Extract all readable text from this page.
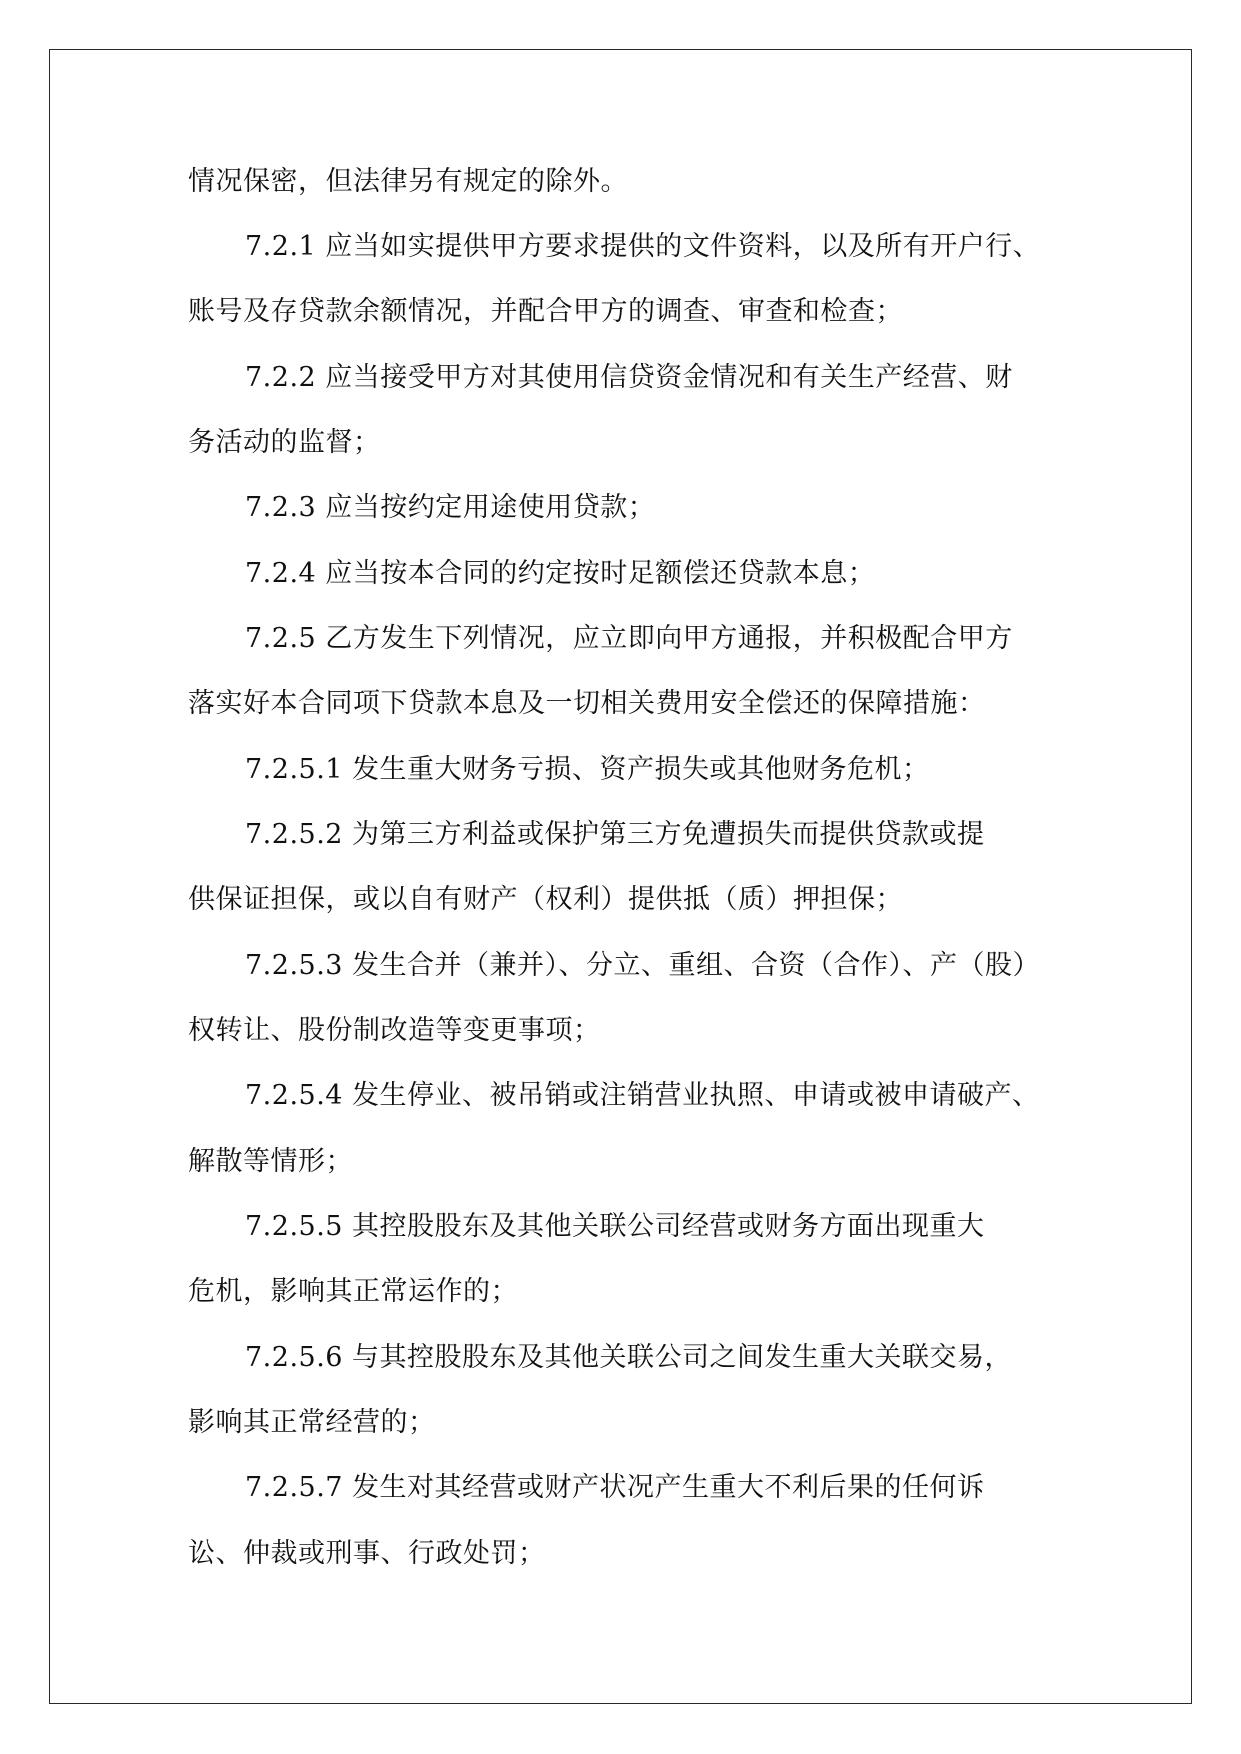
情况保密，但法律另有规定的除外。
7.2.1 应当如实提供甲方要求提供的文件资料，以及所有开户行、
账号及存贷款余额情况，并配合甲方的调查、审查和检查；
7.2.2 应当接受甲方对其使用信贷资金情况和有关生产经营、财
务活动的监督；
7.2.3 应当按约定用途使用贷款；
7.2.4 应当按本合同的约定按时足额偿还贷款本息；
7.2.5 乙方发生下列情况，应立即向甲方通报，并积极配合甲方
落实好本合同项下贷款本息及一切相关费用安全偿还的保障措施：
7.2.5.1 发生重大财务亏损、资产损失或其他财务危机；
7.2.5.2 为第三方利益或保护第三方免遭损失而提供贷款或提
供保证担保，或以自有财产（权利）提供抵（质）押担保；
7.2.5.3 发生合并（兼并）、分立、重组、合资（合作）、产（股）
权转让、股份制改造等变更事项；
7.2.5.4 发生停业、被吊销或注销营业执照、申请或被申请破产、
解散等情形；
7.2.5.5 其控股股东及其他关联公司经营或财务方面出现重大
危机，影响其正常运作的；
7.2.5.6 与其控股股东及其他关联公司之间发生重大关联交易，
影响其正常经营的；
7.2.5.7 发生对其经营或财产状况产生重大不利后果的任何诉
讼、仲裁或刑事、行政处罚；
